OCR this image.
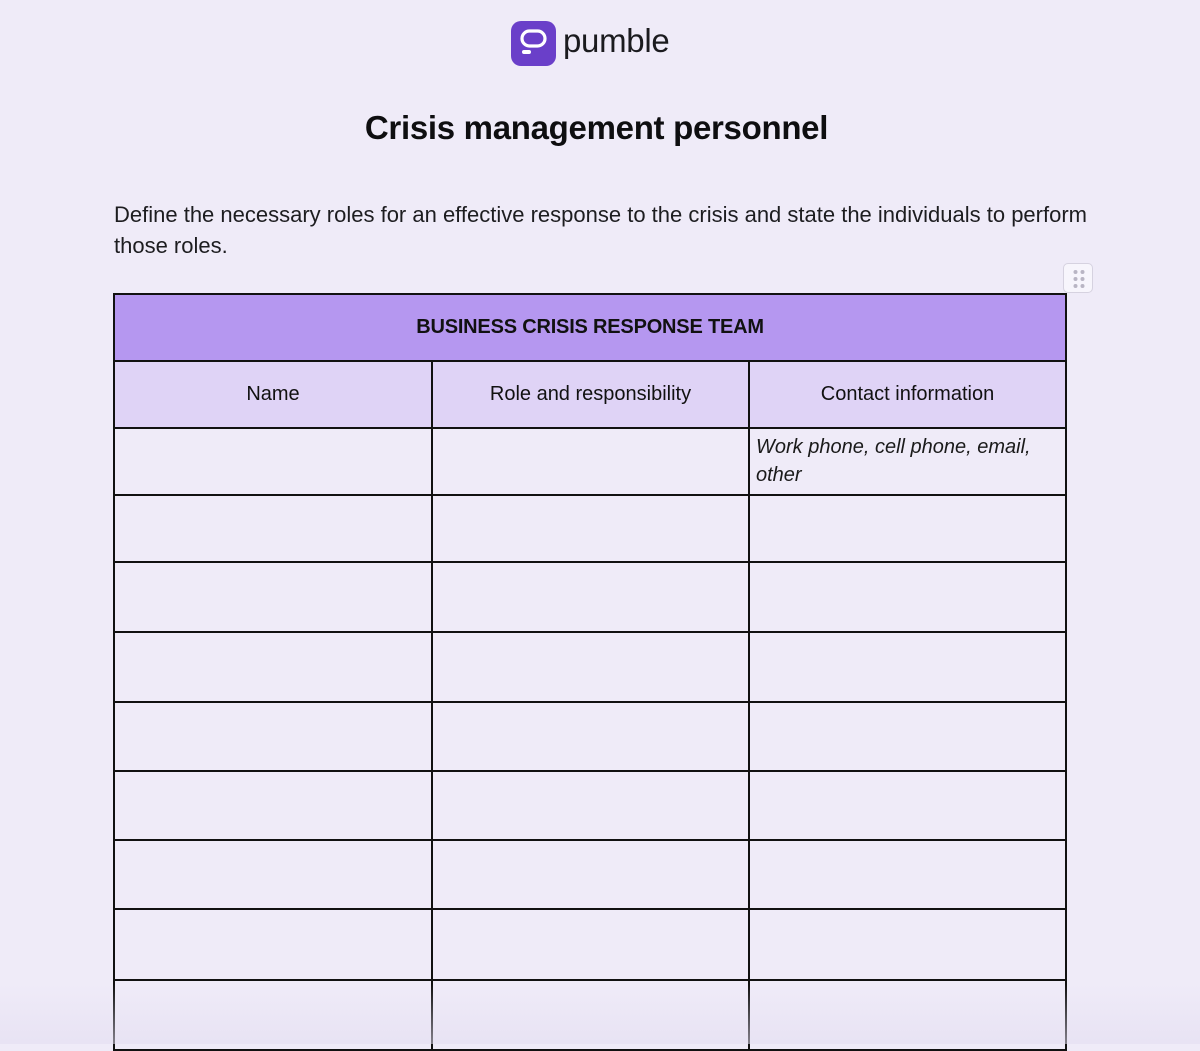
pumble
Crisis management personnel

Define the necessary roles for an effective response to the crisis and state the individuals to perform those roles.

BUSINESS CRISIS RESPONSE TEAM		
Name	Role and responsibility	Contact information
		Work phone, cell phone, email, other
